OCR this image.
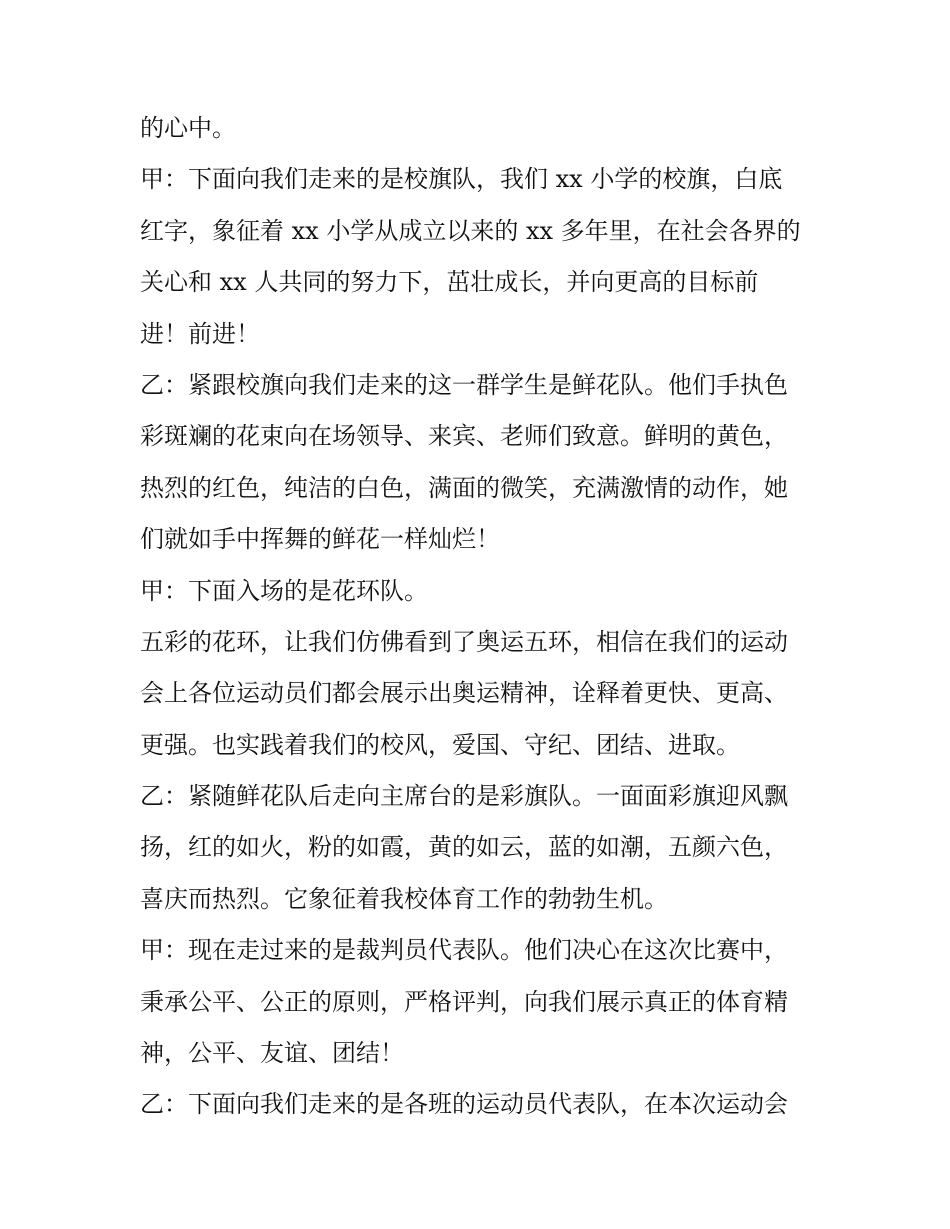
的心中。
甲：下面向我们走来的是校旗队，我们 xx 小学的校旗，白底
红字，象征着 xx 小学从成立以来的 xx 多年里，在社会各界的
关心和 xx 人共同的努力下，茁壮成长，并向更高的目标前
进！前进！
乙：紧跟校旗向我们走来的这一群学生是鲜花队。他们手执色
彩斑斓的花束向在场领导、来宾、老师们致意。鲜明的黄色，
热烈的红色，纯洁的白色，满面的微笑，充满激情的动作，她
们就如手中挥舞的鲜花一样灿烂！
甲：下面入场的是花环队。
五彩的花环，让我们仿佛看到了奥运五环，相信在我们的运动
会上各位运动员们都会展示出奥运精神，诠释着更快、更高、
更强。也实践着我们的校风，爱国、守纪、团结、进取。
乙：紧随鲜花队后走向主席台的是彩旗队。一面面彩旗迎风飘
扬，红的如火，粉的如霞，黄的如云，蓝的如潮，五颜六色，
喜庆而热烈。它象征着我校体育工作的勃勃生机。
甲：现在走过来的是裁判员代表队。他们决心在这次比赛中，
秉承公平、公正的原则，严格评判，向我们展示真正的体育精
神，公平、友谊、团结！
乙：下面向我们走来的是各班的运动员代表队，在本次运动会
